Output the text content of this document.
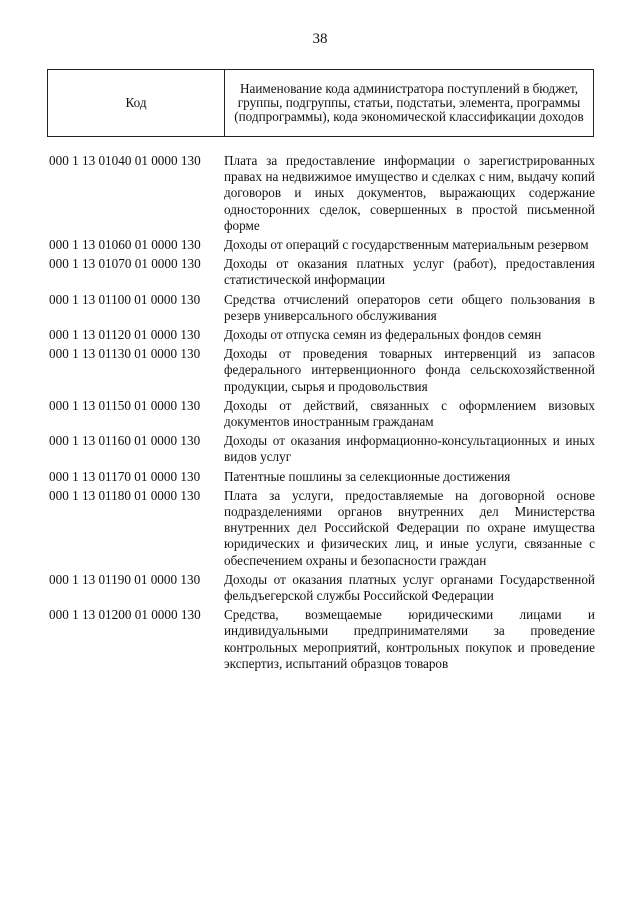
38
Код	Наименование кода администратора поступлений в бюджет, группы, подгруппы, статьи, подстатьи, элемента, программы (подпрограммы), кода экономической классификации доходов
000 1 13 01040 01 0000 130	Плата за предоставление информации о зарегистрированных правах на недвижимое имущество и сделках с ним, выдачу копий договоров и иных документов, выражающих содержание односторонних сделок, совершенных в простой письменной форме
000 1 13 01060 01 0000 130	Доходы от операций с государственным материальным резервом
000 1 13 01070 01 0000 130	Доходы от оказания платных услуг (работ), предоставления статистической информации
000 1 13 01100 01 0000 130	Средства отчислений операторов сети общего пользования в резерв универсального обслуживания
000 1 13 01120 01 0000 130	Доходы от отпуска семян из федеральных фондов семян
000 1 13 01130 01 0000 130	Доходы от проведения товарных интервенций из запасов федерального интервенционного фонда сельскохозяйственной продукции, сырья и продовольствия
000 1 13 01150 01 0000 130	Доходы от действий, связанных с оформлением визовых документов иностранным гражданам
000 1 13 01160 01 0000 130	Доходы от оказания информационно-консультационных и иных видов услуг
000 1 13 01170 01 0000 130	Патентные пошлины за селекционные достижения
000 1 13 01180 01 0000 130	Плата за услуги, предоставляемые на договорной основе подразделениями органов внутренних дел Министерства внутренних дел Российской Федерации по охране имущества юридических и физических лиц, и иные услуги, связанные с обеспечением охраны и безопасности граждан
000 1 13 01190 01 0000 130	Доходы от оказания платных услуг органами Государственной фельдъегерской службы Российской Федерации
000 1 13 01200 01 0000 130	Средства, возмещаемые юридическими лицами и индивидуальными предпринимателями за проведение контрольных мероприятий, контрольных покупок и проведение экспертиз, испытаний образцов товаров
